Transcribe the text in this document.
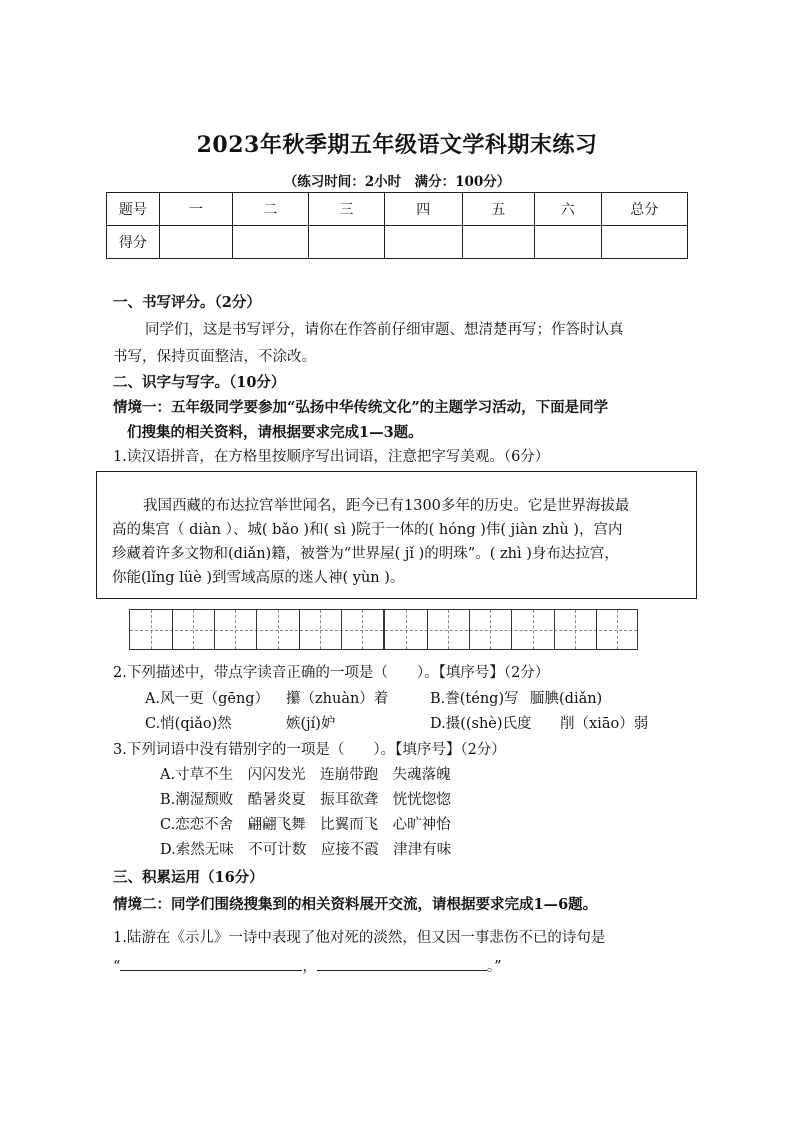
2023年秋季期五年级语文学科期末练习
（练习时间：2小时　满分：100分）
题号	一	二	三	四	五	六	总分
得分							
一、书写评分。（2分）
同学们，这是书写评分，请你在作答前仔细审题、想清楚再写；作答时认真
书写，保持页面整洁，不涂改。
二、识字与写字。（10分）
情境一：五年级同学要参加“弘扬中华传统文化”的主题学习活动，下面是同学
们搜集的相关资料，请根据要求完成1—3题。
1.读汉语拼音，在方格里按顺序写出词语，注意把字写美观。（6分）
我国西藏的布达拉宫举世闻名，距今已有1300多年的历史。它是世界海拔最
高的集宫（ diàn ）、城( bǎo )和( sì )院于一体的( hóng )伟( jiàn zhù )，宫内
珍藏着许多文物和(diǎn)籍，被誉为“世界屋( jǐ )的明珠”。( zhì )身布达拉宫，
你能(lǐng lüè )到雪域高原的迷人神( yùn )。
2.下列描述中，带点字读音正确的一项是（　　）。【填序号】（2分）
A.风一更（gēng） 攥（zhuàn）着	B.誊(téng)写 腼腆(diǎn)
C.悄(qiǎo)然	嫉(jí)妒	D.摄((shè)氏度 削（xiāo）弱
3.下列词语中没有错别字的一项是（　　）。【填序号】（2分）
A.寸草不生　闪闪发光　连崩带跑　失魂落魄
B.潮湿颓败　酷暑炎夏　振耳欲聋　恍恍惚惚
C.恋恋不舍　翩翩飞舞　比翼而飞　心旷神怡
D.索然无味　不可计数　应接不霞　津津有味
三、积累运用（16分）
情境二：同学们围绕搜集到的相关资料展开交流，请根据要求完成1—6题。
1.陆游在《示儿》一诗中表现了他对死的淡然，但又因一事悲伤不已的诗句是
“	，	。”
